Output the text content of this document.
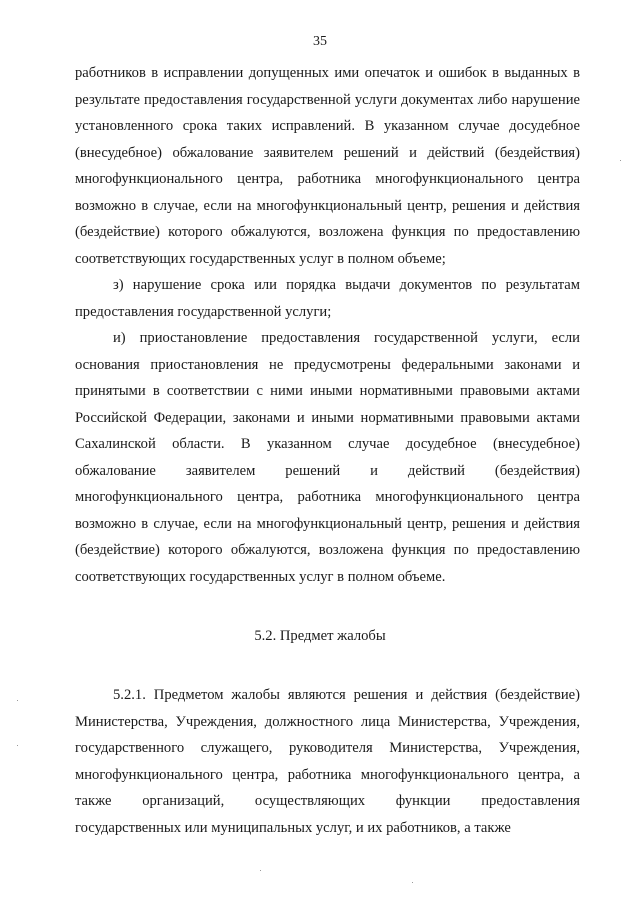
35

работников в исправлении допущенных ими опечаток и ошибок в выданных в результате предоставления государственной услуги документах либо нарушение установленного срока таких исправлений. В указанном случае досудебное (внесудебное) обжалование заявителем решений и действий (бездействия) многофункционального центра, работника многофункционального центра возможно в случае, если на многофункциональный центр, решения и действия (бездействие) которого обжалуются, возложена функция по предоставлению соответствующих государственных услуг в полном объеме;

з) нарушение срока или порядка выдачи документов по результатам предоставления государственной услуги;

и) приостановление предоставления государственной услуги, если основания приостановления не предусмотрены федеральными законами и принятыми в соответствии с ними иными нормативными правовыми актами Российской Федерации, законами и иными нормативными правовыми актами Сахалинской области. В указанном случае досудебное (внесудебное) обжалование заявителем решений и действий (бездействия) многофункционального центра, работника многофункционального центра возможно в случае, если на многофункциональный центр, решения и действия (бездействие) которого обжалуются, возложена функция по предоставлению соответствующих государственных услуг в полном объеме.

5.2. Предмет жалобы

5.2.1. Предметом жалобы являются решения и действия (бездействие) Министерства, Учреждения, должностного лица Министерства, Учреждения, государственного служащего, руководителя Министерства, Учреждения, многофункционального центра, работника многофункционального центра, а также организаций, осуществляющих функции предоставления государственных или муниципальных услуг, и их работников, а также
